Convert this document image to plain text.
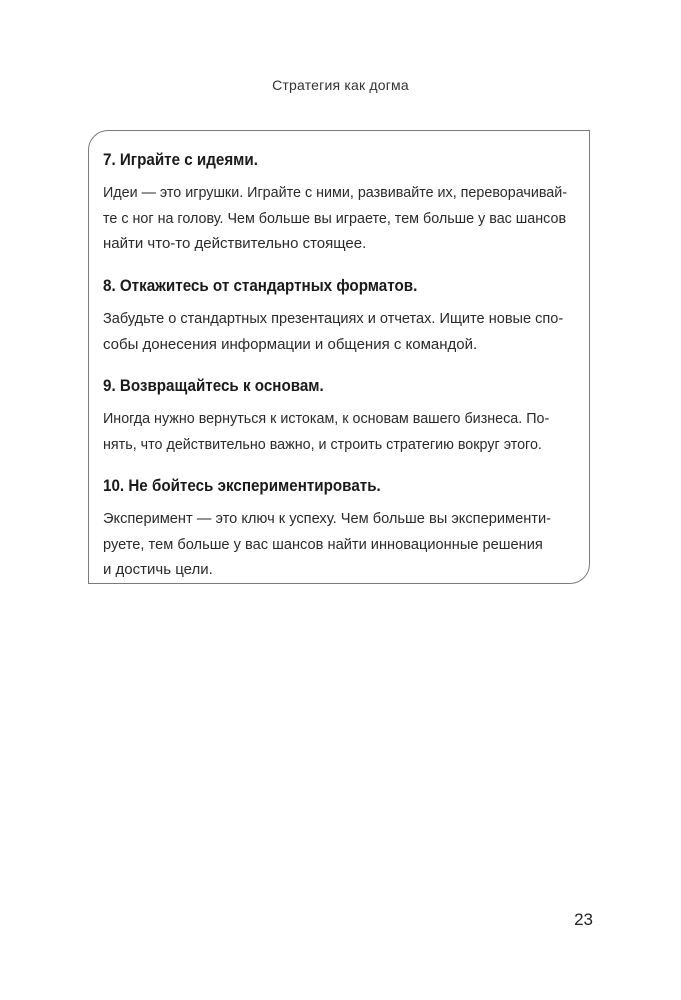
Стратегия как догма
7. Играйте с идеями.
Идеи — это игрушки. Играйте с ними, развивайте их, переворачивай-
те с ног на голову. Чем больше вы играете, тем больше у вас шансов
найти что-то действительно стоящее.
8. Откажитесь от стандартных форматов.
Забудьте о стандартных презентациях и отчетах. Ищите новые спо-
собы донесения информации и общения с командой.
9. Возвращайтесь к основам.
Иногда нужно вернуться к истокам, к основам вашего бизнеса. По-
нять, что действительно важно, и строить стратегию вокруг этого.
10. Не бойтесь экспериментировать.
Эксперимент — это ключ к успеху. Чем больше вы эксперименти-
руете, тем больше у вас шансов найти инновационные решения
и достичь цели.
23
